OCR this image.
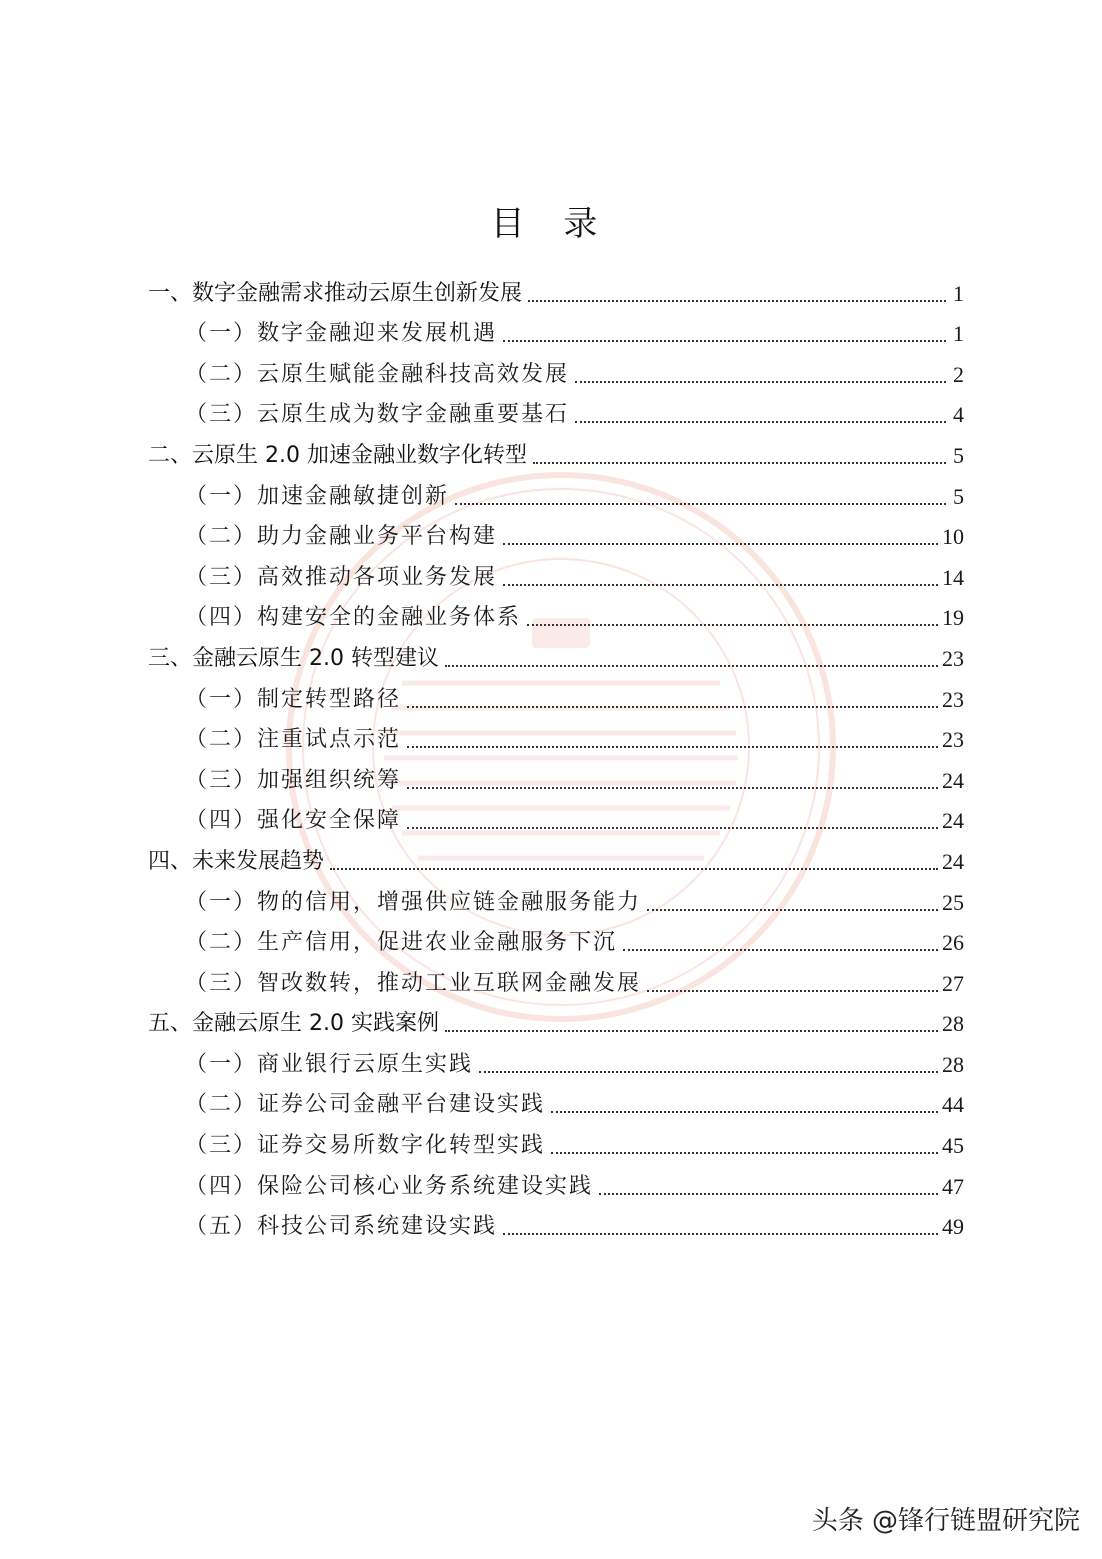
目 录
一、数字金融需求推动云原生创新发展	1
（一）数字金融迎来发展机遇	1
（二）云原生赋能金融科技高效发展	2
（三）云原生成为数字金融重要基石	4
二、云原生 2.0 加速金融业数字化转型	5
（一）加速金融敏捷创新	5
（二）助力金融业务平台构建	10
（三）高效推动各项业务发展	14
（四）构建安全的金融业务体系	19
三、金融云原生 2.0 转型建议	23
（一）制定转型路径	23
（二）注重试点示范	23
（三）加强组织统筹	24
（四）强化安全保障	24
四、未来发展趋势	24
（一）物的信用，增强供应链金融服务能力	25
（二）生产信用，促进农业金融服务下沉	26
（三）智改数转，推动工业互联网金融发展	27
五、金融云原生 2.0 实践案例	28
（一）商业银行云原生实践	28
（二）证券公司金融平台建设实践	44
（三）证券交易所数字化转型实践	45
（四）保险公司核心业务系统建设实践	47
（五）科技公司系统建设实践	49
头条 @锋行链盟研究院
